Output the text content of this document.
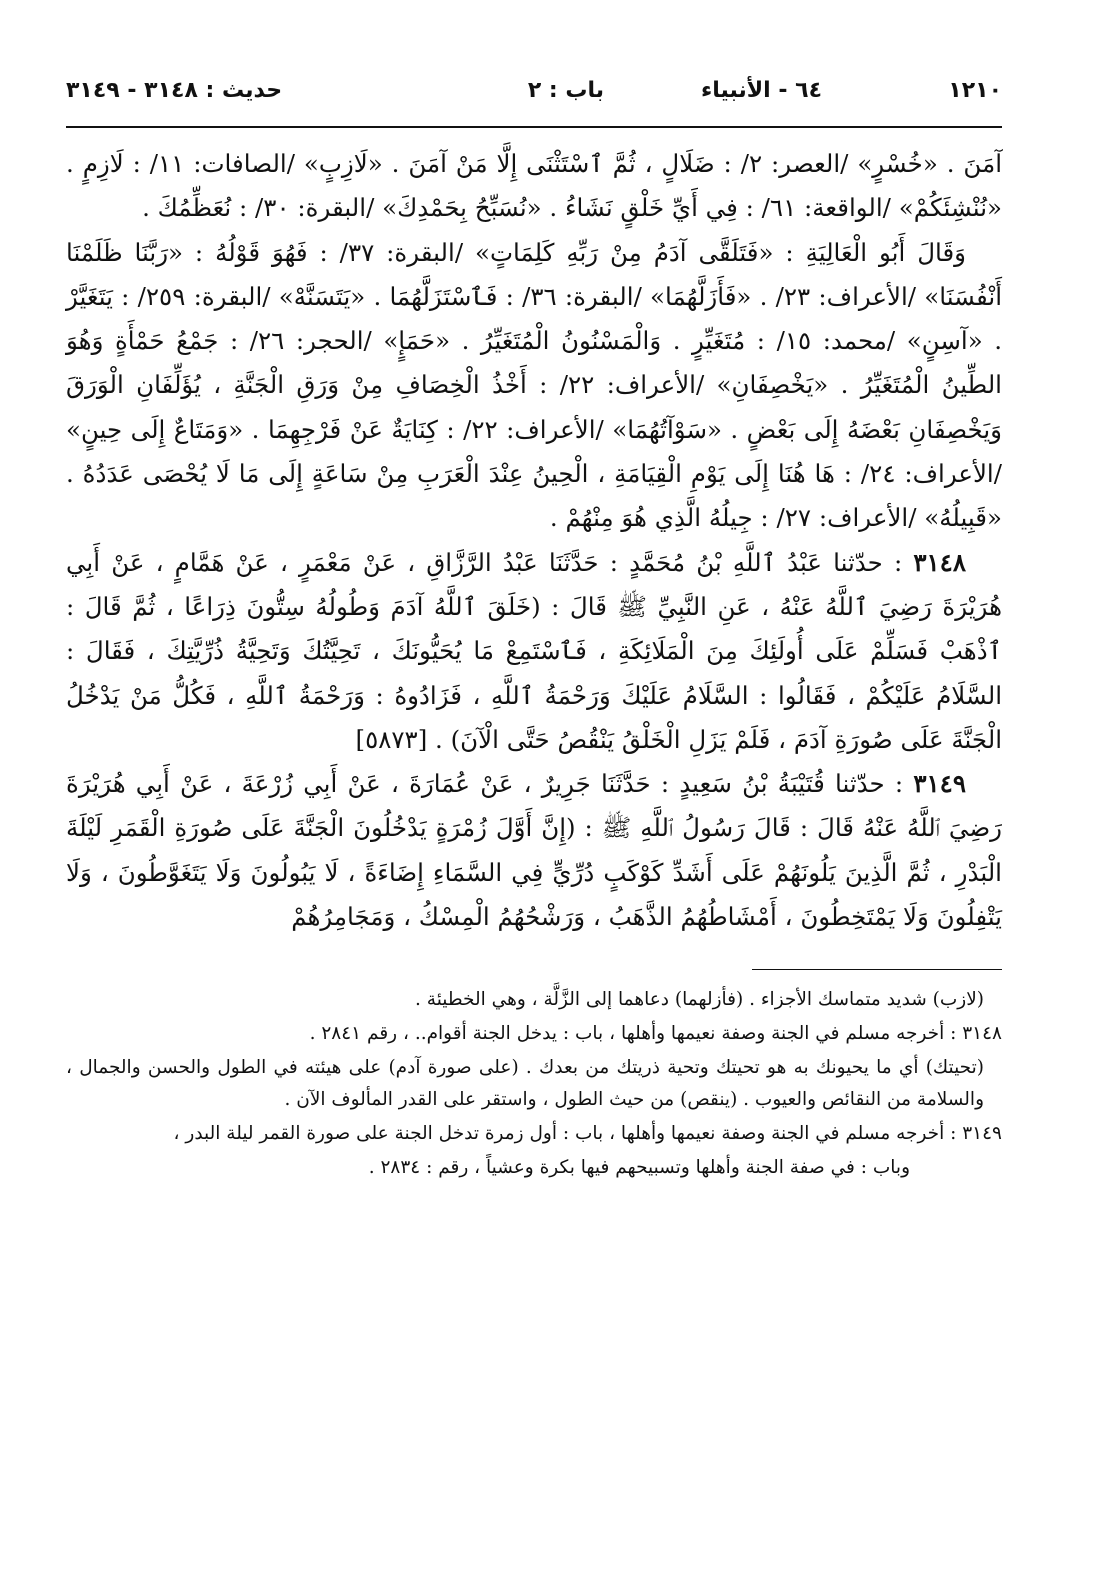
١٢١٠
٦٤ - الأنبياء
باب : ٢
حديث : ٣١٤٨ - ٣١٤٩

آمَنَ . «خُسْرٍ» /العصر: ٢/ : ضَلَالٍ ، ثُمَّ ٱسْتَثْنَى إِلَّا مَنْ آمَنَ . «لَازِبٍ» /الصافات: ١١/ : لَازِمٍ . «نُنْشِئَكُمْ» /الواقعة: ٦١/ : فِي أَيِّ خَلْقٍ نَشَاءُ . «نُسَبِّحُ بِحَمْدِكَ» /البقرة: ٣٠/ : نُعَظِّمُكَ .

وَقَالَ أَبُو الْعَالِيَةِ : «فَتَلَقَّى آدَمُ مِنْ رَبِّهِ كَلِمَاتٍ» /البقرة: ٣٧/ : فَهُوَ قَوْلُهُ : «رَبَّنَا ظَلَمْنَا أَنْفُسَنَا» /الأعراف: ٢٣/ . «فَأَزَلَّهُمَا» /البقرة: ٣٦/ : فَٱسْتَزَلَّهُمَا . «يَتَسَنَّهْ» /البقرة: ٢٥٩/ : يَتَغَيَّرْ . «آسِنٍ» /محمد: ١٥/ : مُتَغَيِّرٍ . وَالْمَسْنُونُ الْمُتَغَيِّرُ . «حَمَإٍ» /الحجر: ٢٦/ : جَمْعُ حَمْأَةٍ وَهُوَ الطِّينُ الْمُتَغَيِّرُ . «يَخْصِفَانِ» /الأعراف: ٢٢/ : أَخْذُ الْخِصَافِ مِنْ وَرَقِ الْجَنَّةِ ، يُؤَلِّفَانِ الْوَرَقَ وَيَخْصِفَانِ بَعْضَهُ إِلَى بَعْضٍ . «سَوْآتُهُمَا» /الأعراف: ٢٢/ : كِنَايَةٌ عَنْ فَرْجِهِمَا . «وَمَتَاعٌ إِلَى حِينٍ» /الأعراف: ٢٤/ : هَا هُنَا إِلَى يَوْمِ الْقِيَامَةِ ، الْحِينُ عِنْدَ الْعَرَبِ مِنْ سَاعَةٍ إِلَى مَا لَا يُحْصَى عَدَدُهُ . «قَبِيلُهُ» /الأعراف: ٢٧/ : جِيلُهُ الَّذِي هُوَ مِنْهُمْ .

٣١٤٨ : حدّثنا عَبْدُ ٱللَّهِ بْنُ مُحَمَّدٍ : حَدَّثَنَا عَبْدُ الرَّزَّاقِ ، عَنْ مَعْمَرٍ ، عَنْ هَمَّامٍ ، عَنْ أَبِي هُرَيْرَةَ رَضِيَ ٱللَّهُ عَنْهُ ، عَنِ النَّبِيِّ ﷺ قَالَ : (خَلَقَ ٱللَّهُ آدَمَ وَطُولُهُ سِتُّونَ ذِرَاعًا ، ثُمَّ قَالَ : ٱذْهَبْ فَسَلِّمْ عَلَى أُولَئِكَ مِنَ الْمَلَائِكَةِ ، فَٱسْتَمِعْ مَا يُحَيُّونَكَ ، تَحِيَّتُكَ وَتَحِيَّةُ ذُرِّيَّتِكَ ، فَقَالَ : السَّلَامُ عَلَيْكُمْ ، فَقَالُوا : السَّلَامُ عَلَيْكَ وَرَحْمَةُ ٱللَّهِ ، فَزَادُوهُ : وَرَحْمَةُ ٱللَّهِ ، فَكُلُّ مَنْ يَدْخُلُ الْجَنَّةَ عَلَى صُورَةِ آدَمَ ، فَلَمْ يَزَلِ الْخَلْقُ يَنْقُصُ حَتَّى الْآنَ) . [٥٨٧٣]

٣١٤٩ : حدّثنا قُتَيْبَةُ بْنُ سَعِيدٍ : حَدَّثَنَا جَرِيرٌ ، عَنْ عُمَارَةَ ، عَنْ أَبِي زُرْعَةَ ، عَنْ أَبِي هُرَيْرَةَ رَضِيَ ٱللَّهُ عَنْهُ قَالَ : قَالَ رَسُولُ ٱللَّهِ ﷺ : (إِنَّ أَوَّلَ زُمْرَةٍ يَدْخُلُونَ الْجَنَّةَ عَلَى صُورَةِ الْقَمَرِ لَيْلَةَ الْبَدْرِ ، ثُمَّ الَّذِينَ يَلُونَهُمْ عَلَى أَشَدِّ كَوْكَبٍ دُرِّيٍّ فِي السَّمَاءِ إِضَاءَةً ، لَا يَبُولُونَ وَلَا يَتَغَوَّطُونَ ، وَلَا يَتْفِلُونَ وَلَا يَمْتَخِطُونَ ، أَمْشَاطُهُمُ الذَّهَبُ ، وَرَشْحُهُمُ الْمِسْكُ ، وَمَجَامِرُهُمْ

(لازب) شديد متماسك الأجزاء . (فأزلهما) دعاهما إلى الزَّلَّة ، وهي الخطيئة .

٣١٤٨ : أخرجه مسلم في الجنة وصفة نعيمها وأهلها ، باب : يدخل الجنة أقوام.. ، رقم ٢٨٤١ .

(تحيتك) أي ما يحيونك به هو تحيتك وتحية ذريتك من بعدك . (على صورة آدم) على هيئته في الطول والحسن والجمال ، والسلامة من النقائص والعيوب . (ينقص) من حيث الطول ، واستقر على القدر المألوف الآن .

٣١٤٩ : أخرجه مسلم في الجنة وصفة نعيمها وأهلها ، باب : أول زمرة تدخل الجنة على صورة القمر ليلة البدر ،

وباب : في صفة الجنة وأهلها وتسبيحهم فيها بكرة وعشياً ، رقم : ٢٨٣٤ .
